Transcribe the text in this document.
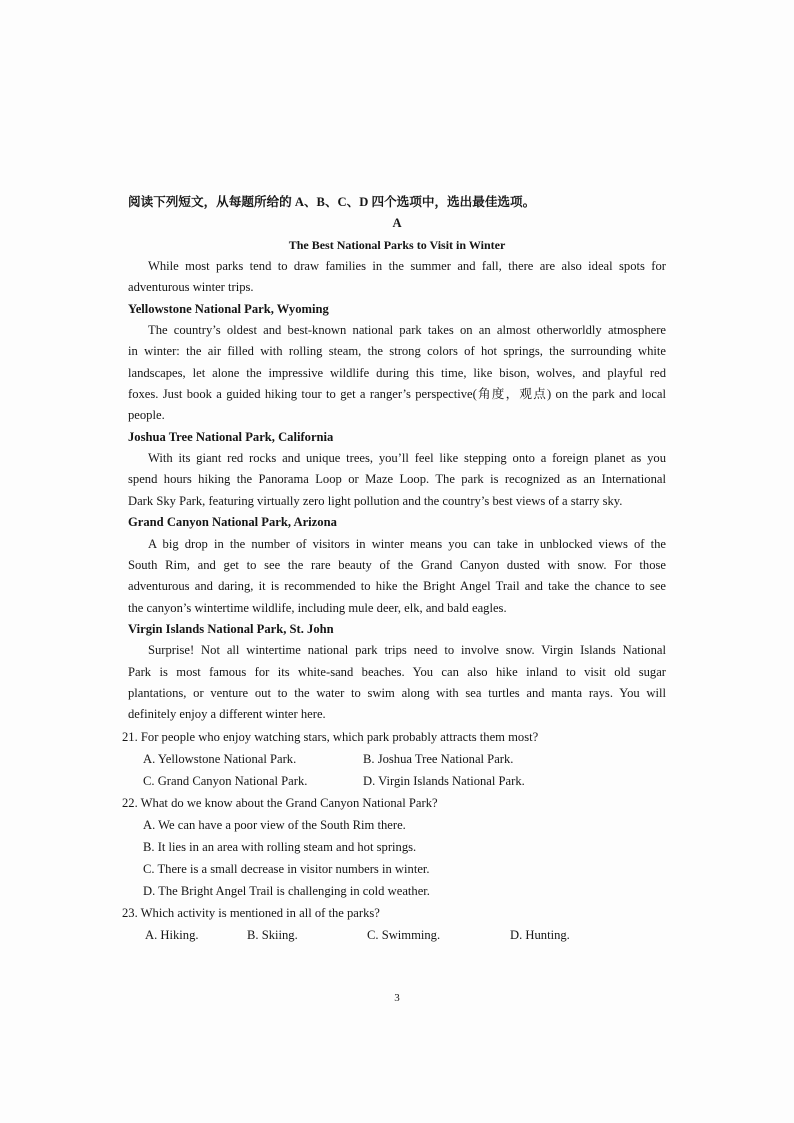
阅读下列短文，从每题所给的 A、B、C、D 四个选项中，选出最佳选项。
A
The Best National Parks to Visit in Winter
While most parks tend to draw families in the summer and fall, there are also ideal spots for
adventurous winter trips.
Yellowstone National Park, Wyoming
The country’s oldest and best-known national park takes on an almost otherworldly atmosphere
in winter: the air filled with rolling steam, the strong colors of hot springs, the surrounding white
landscapes, let alone the impressive wildlife during this time, like bison, wolves, and playful red
foxes. Just book a guided hiking tour to get a ranger’s perspective(角度，观点) on the park and local
people.
Joshua Tree National Park, California
With its giant red rocks and unique trees, you’ll feel like stepping onto a foreign planet as you
spend hours hiking the Panorama Loop or Maze Loop. The park is recognized as an International
Dark Sky Park, featuring virtually zero light pollution and the country’s best views of a starry sky.
Grand Canyon National Park, Arizona
A big drop in the number of visitors in winter means you can take in unblocked views of the
South Rim, and get to see the rare beauty of the Grand Canyon dusted with snow. For those
adventurous and daring, it is recommended to hike the Bright Angel Trail and take the chance to see
the canyon’s wintertime wildlife, including mule deer, elk, and bald eagles.
Virgin Islands National Park, St. John
Surprise! Not all wintertime national park trips need to involve snow. Virgin Islands National
Park is most famous for its white-sand beaches. You can also hike inland to visit old sugar
plantations, or venture out to the water to swim along with sea turtles and manta rays. You will
definitely enjoy a different winter here.
21. For people who enjoy watching stars, which park probably attracts them most?
A. Yellowstone National Park.	B. Joshua Tree National Park.
C. Grand Canyon National Park.	D. Virgin Islands National Park.
22. What do we know about the Grand Canyon National Park?
A. We can have a poor view of the South Rim there.
B. It lies in an area with rolling steam and hot springs.
C. There is a small decrease in visitor numbers in winter.
D. The Bright Angel Trail is challenging in cold weather.
23. Which activity is mentioned in all of the parks?
A. Hiking.	B. Skiing.	C. Swimming.	D. Hunting.
3
